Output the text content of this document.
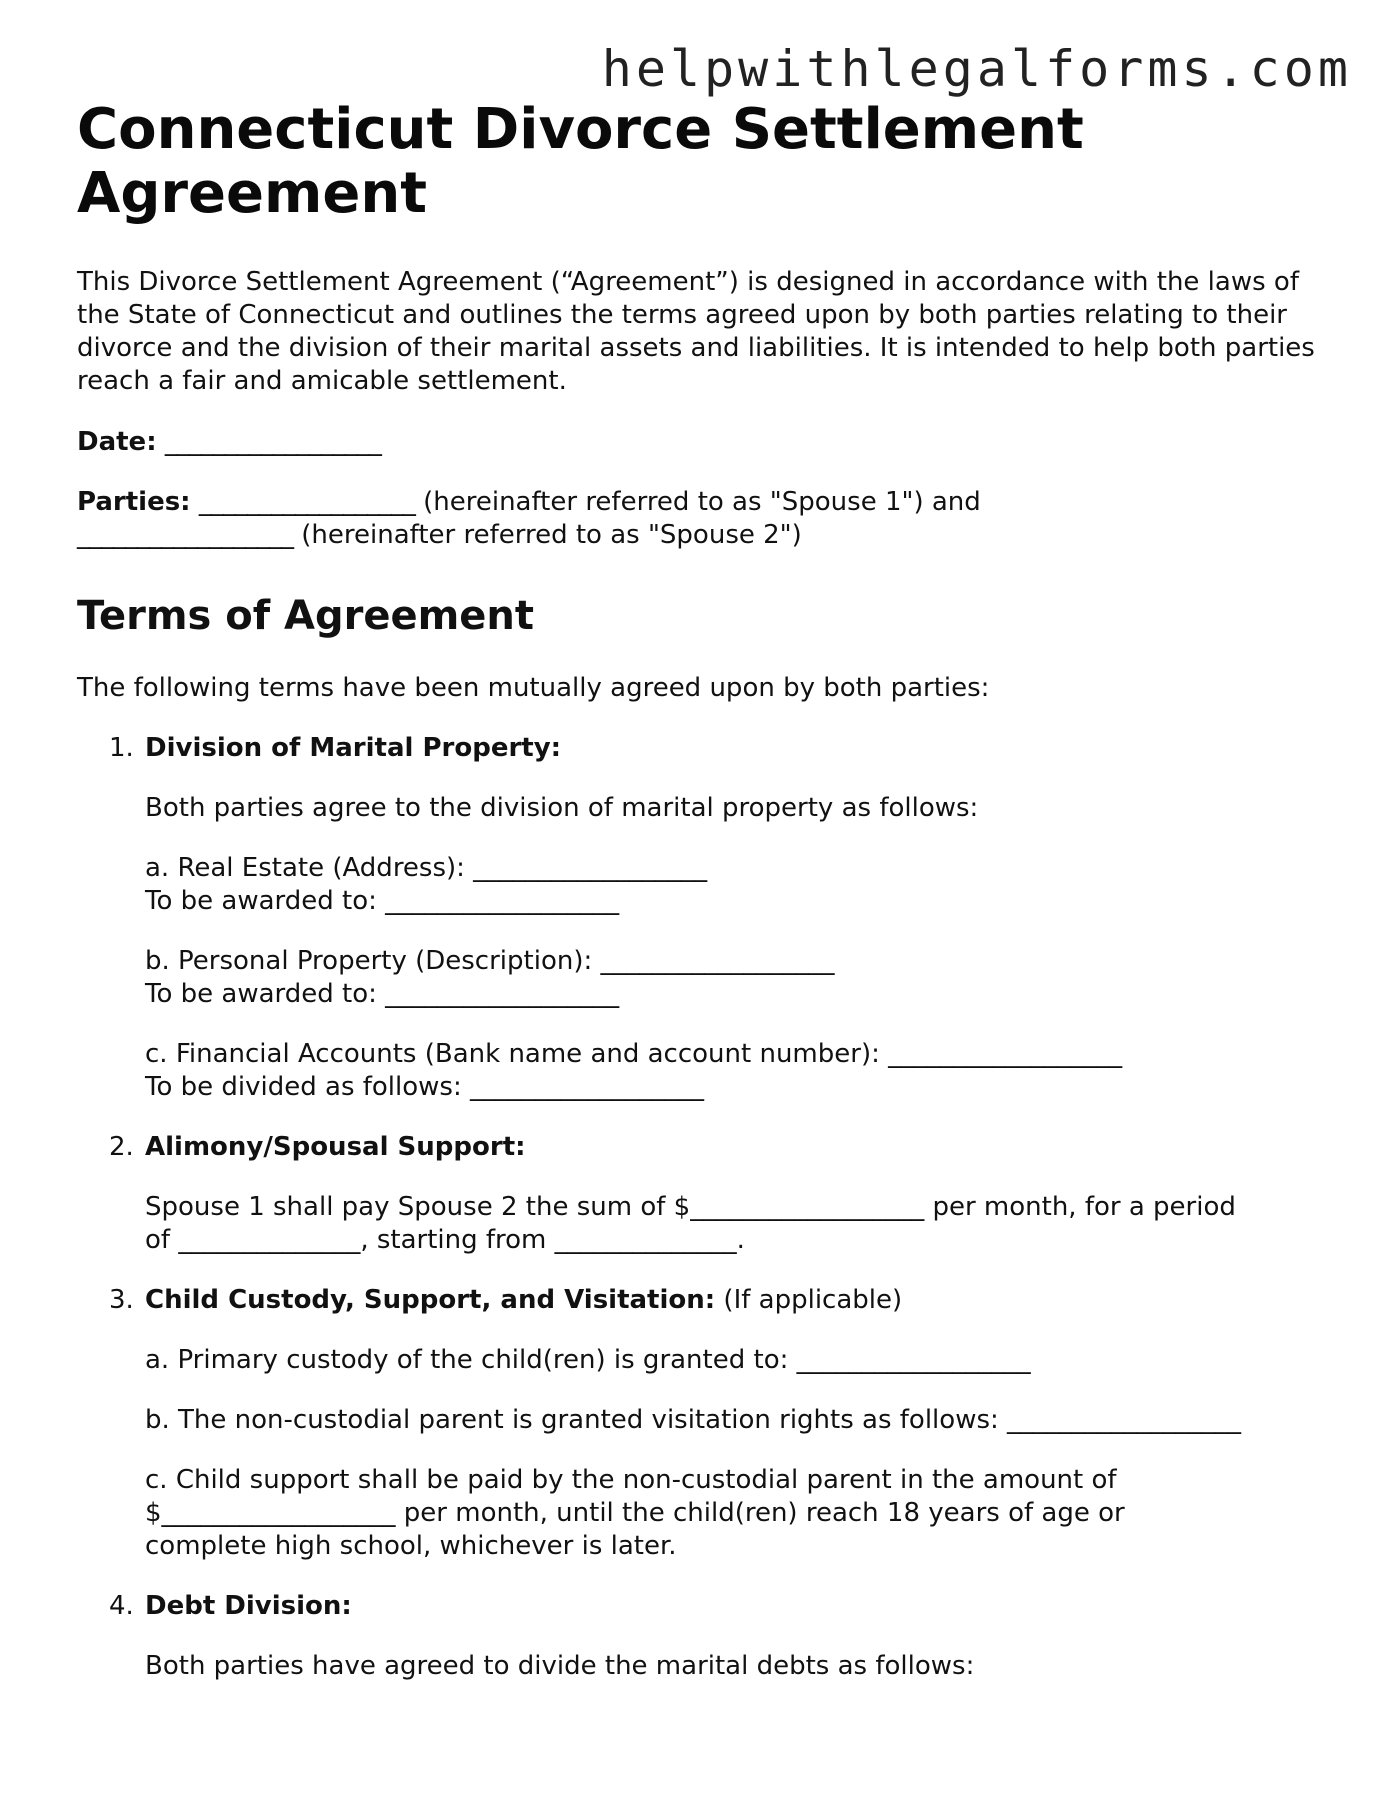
helpwithlegalforms.com
Connecticut Divorce Settlement Agreement

This Divorce Settlement Agreement (“Agreement”) is designed in accordance with the laws of the State of Connecticut and outlines the terms agreed upon by both parties relating to their divorce and the division of their marital assets and liabilities. It is intended to help both parties reach a fair and amicable settlement.

Date: __________________

Parties: __________________ (hereinafter referred to as "Spouse 1") and

__________________ (hereinafter referred to as "Spouse 2")

Terms of Agreement

The following terms have been mutually agreed upon by both parties:

1. Division of Marital Property:

Both parties agree to the division of marital property as follows:

a. Real Estate (Address): __________________

To be awarded to: __________________

b. Personal Property (Description): __________________

To be awarded to: __________________

c. Financial Accounts (Bank name and account number): __________________

To be divided as follows: __________________

2. Alimony/Spousal Support:

Spouse 1 shall pay Spouse 2 the sum of $__________________ per month, for a period

of ______________, starting from ______________.

3. Child Custody, Support, and Visitation: (If applicable)

a. Primary custody of the child(ren) is granted to: __________________

b. The non-custodial parent is granted visitation rights as follows: __________________

c. Child support shall be paid by the non-custodial parent in the amount of

$__________________ per month, until the child(ren) reach 18 years of age or

complete high school, whichever is later.

4. Debt Division:

Both parties have agreed to divide the marital debts as follows:
